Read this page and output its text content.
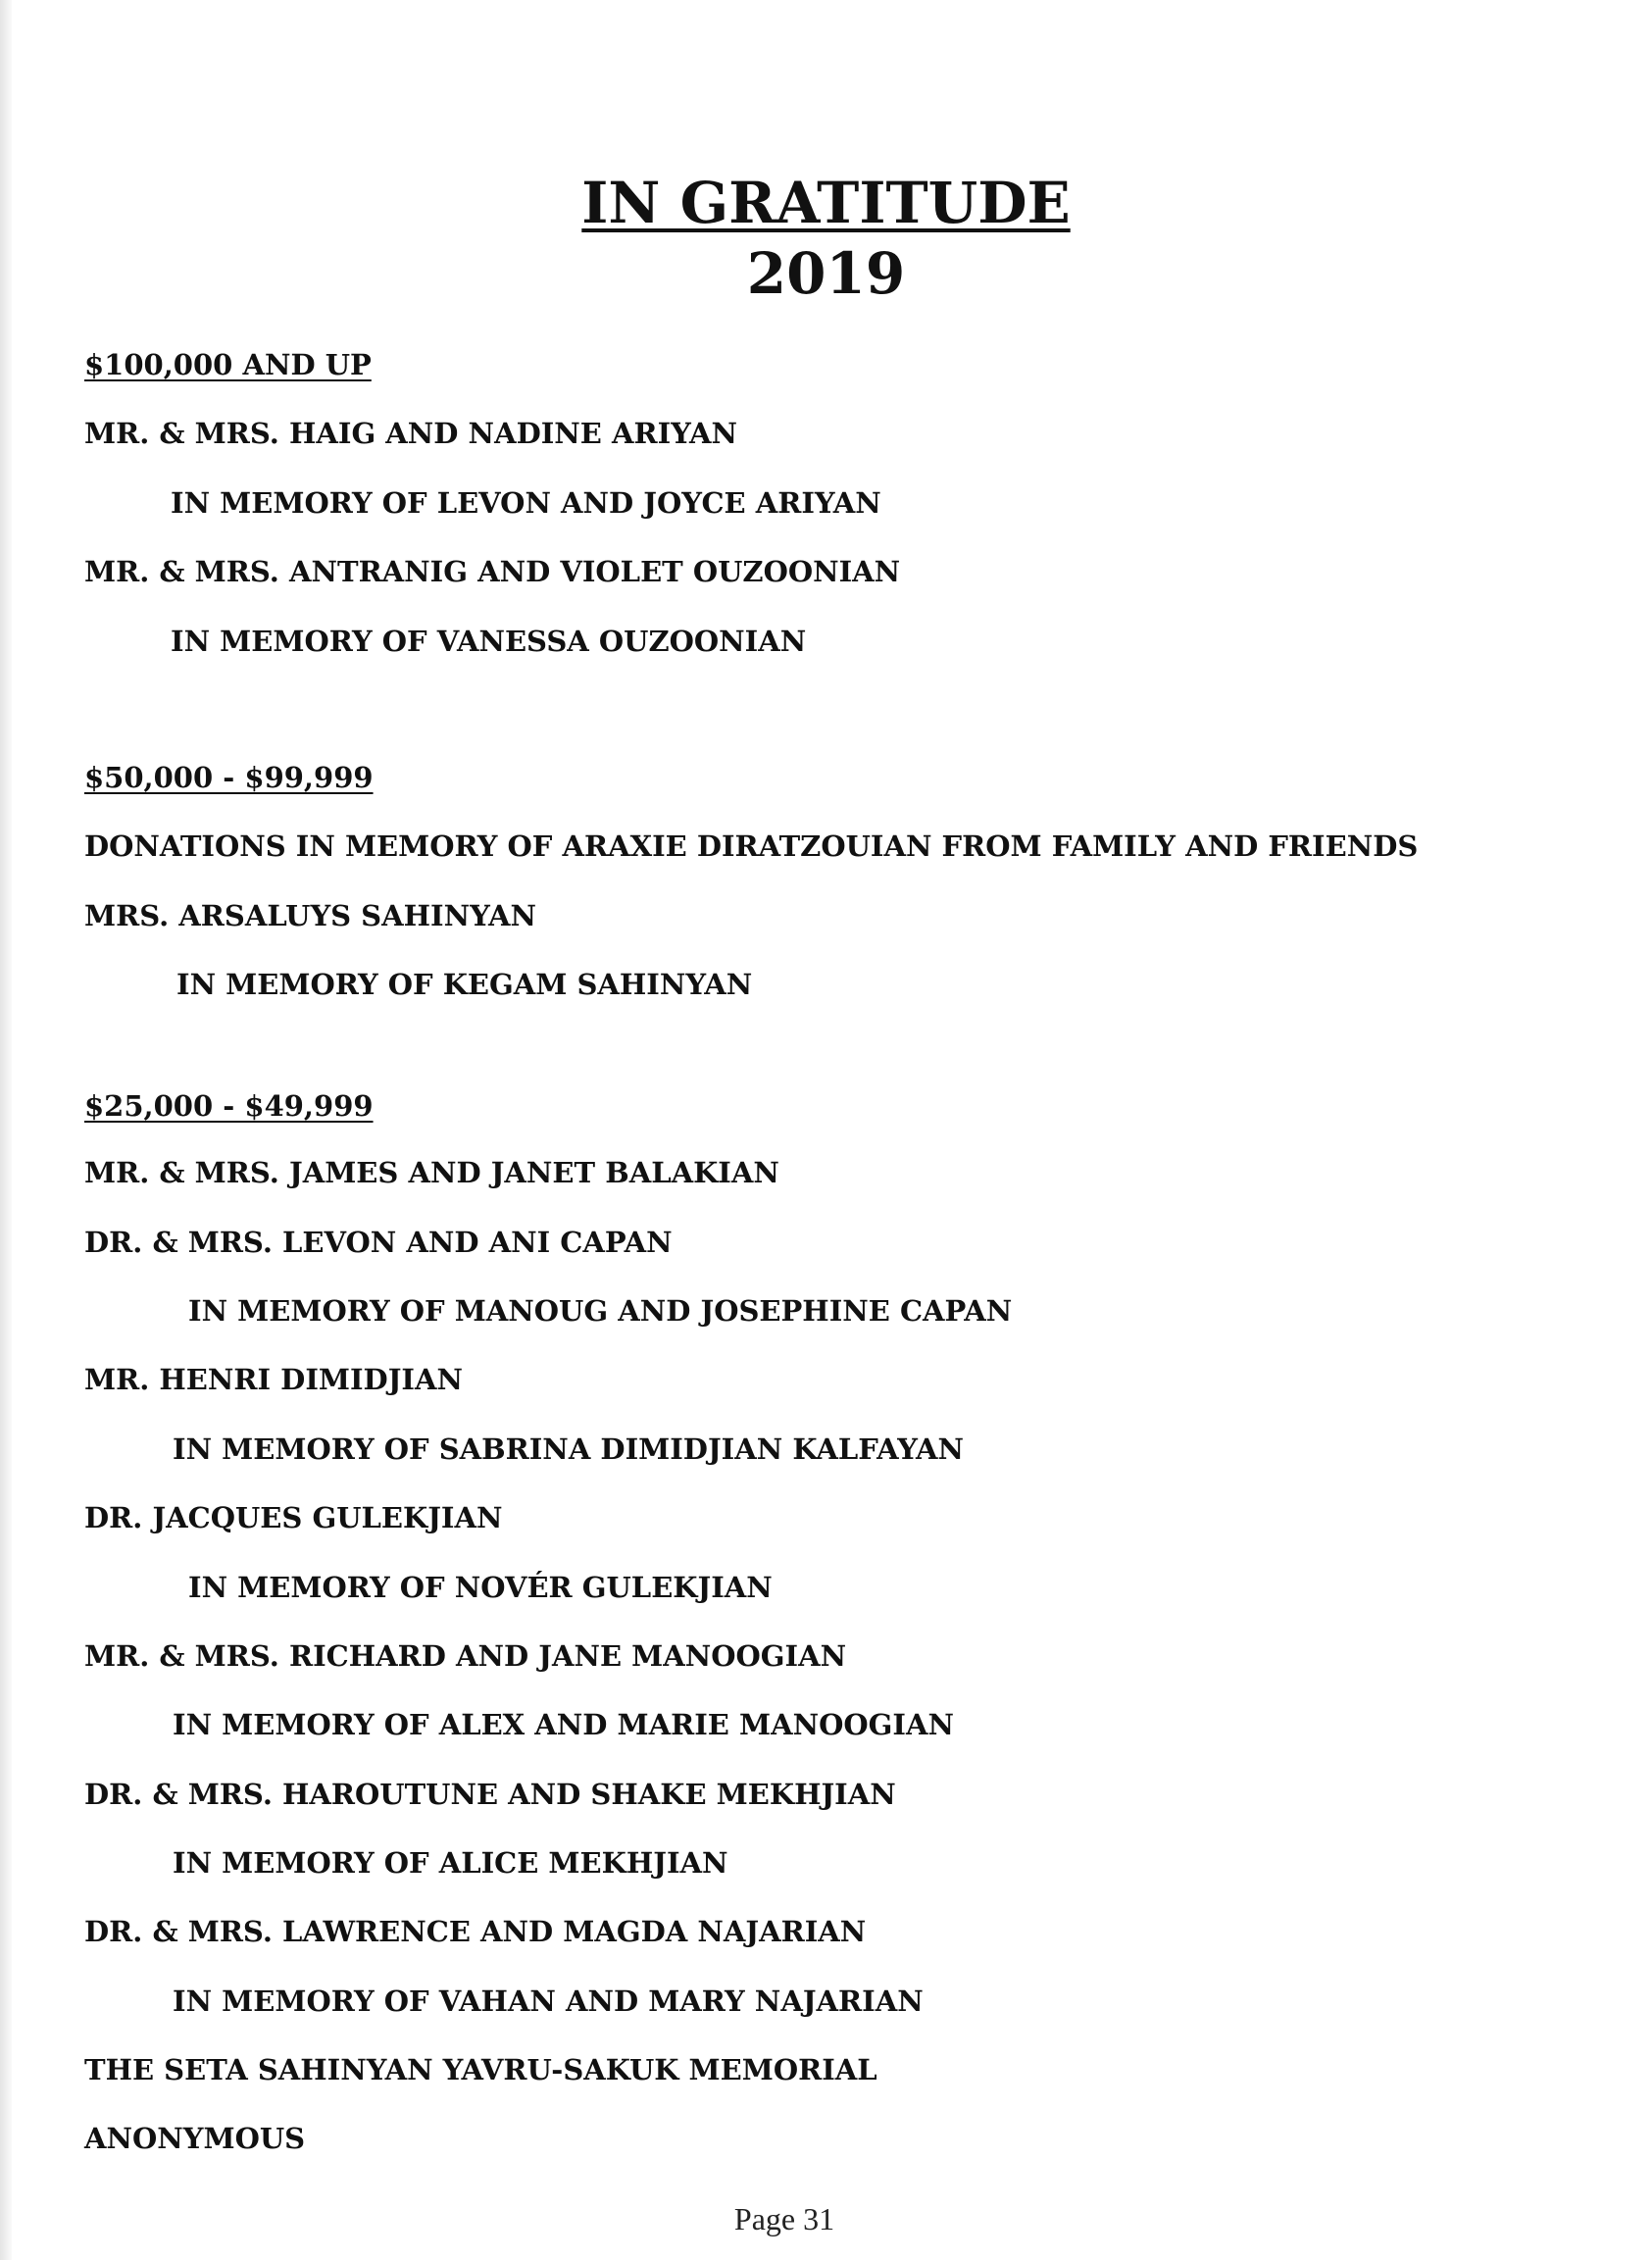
IN GRATITUDE
2019
$100,000 AND UP
MR. & MRS. HAIG AND NADINE ARIYAN
IN MEMORY OF LEVON AND JOYCE ARIYAN
MR. & MRS. ANTRANIG AND VIOLET OUZOONIAN
IN MEMORY OF VANESSA OUZOONIAN
$50,000 - $99,999
DONATIONS IN MEMORY OF ARAXIE DIRATZOUIAN FROM FAMILY AND FRIENDS
MRS. ARSALUYS SAHINYAN
IN MEMORY OF KEGAM SAHINYAN
$25,000 - $49,999
MR. & MRS. JAMES AND JANET BALAKIAN
DR. & MRS. LEVON AND ANI CAPAN
IN MEMORY OF MANOUG AND JOSEPHINE CAPAN
MR. HENRI DIMIDJIAN
IN MEMORY OF SABRINA DIMIDJIAN KALFAYAN
DR. JACQUES GULEKJIAN
IN MEMORY OF NOVÉR GULEKJIAN
MR. & MRS. RICHARD AND JANE MANOOGIAN
IN MEMORY OF ALEX AND MARIE MANOOGIAN
DR. & MRS. HAROUTUNE AND SHAKE MEKHJIAN
IN MEMORY OF ALICE MEKHJIAN
DR. & MRS. LAWRENCE AND MAGDA NAJARIAN
IN MEMORY OF VAHAN AND MARY NAJARIAN
THE SETA SAHINYAN YAVRU-SAKUK MEMORIAL
ANONYMOUS
Page 31
